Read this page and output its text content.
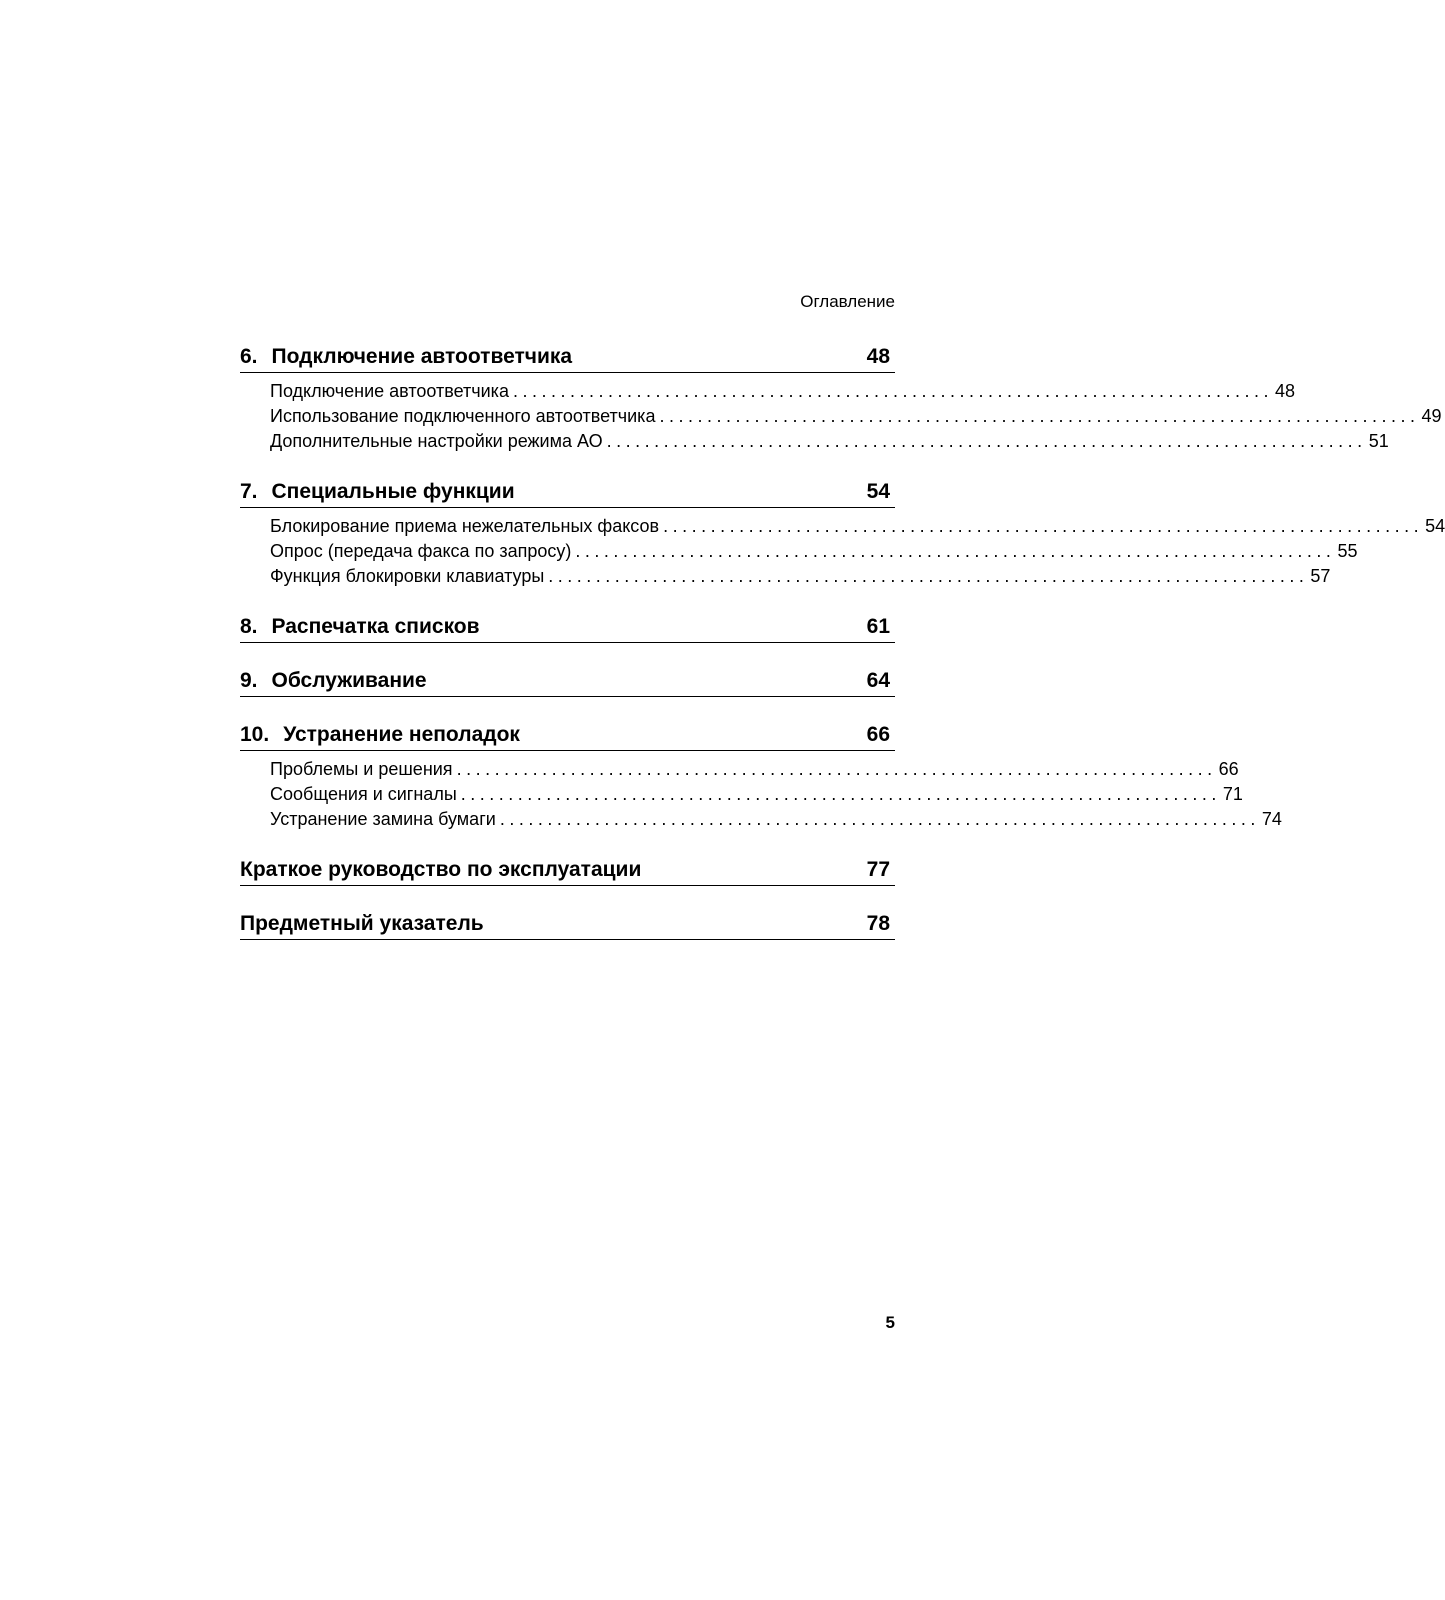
Оглавление
6. Подключение автоответчика	48
Подключение автоответчика ................................................................................ 48
Использование подключенного автоответчика ................................................................................ 49
Дополнительные настройки режима АО ................................................................................ 51
7. Специальные функции	54
Блокирование приема нежелательных факсов ................................................................................ 54
Опрос (передача факса по запросу) ................................................................................ 55
Функция блокировки клавиатуры ................................................................................ 57
8. Распечатка списков	61
9. Обслуживание	64
10. Устранение неполадок	66
Проблемы и решения ................................................................................ 66
Сообщения и сигналы ................................................................................ 71
Устранение замина бумаги ................................................................................ 74
Краткое руководство по эксплуатации	77
Предметный указатель	78
5
